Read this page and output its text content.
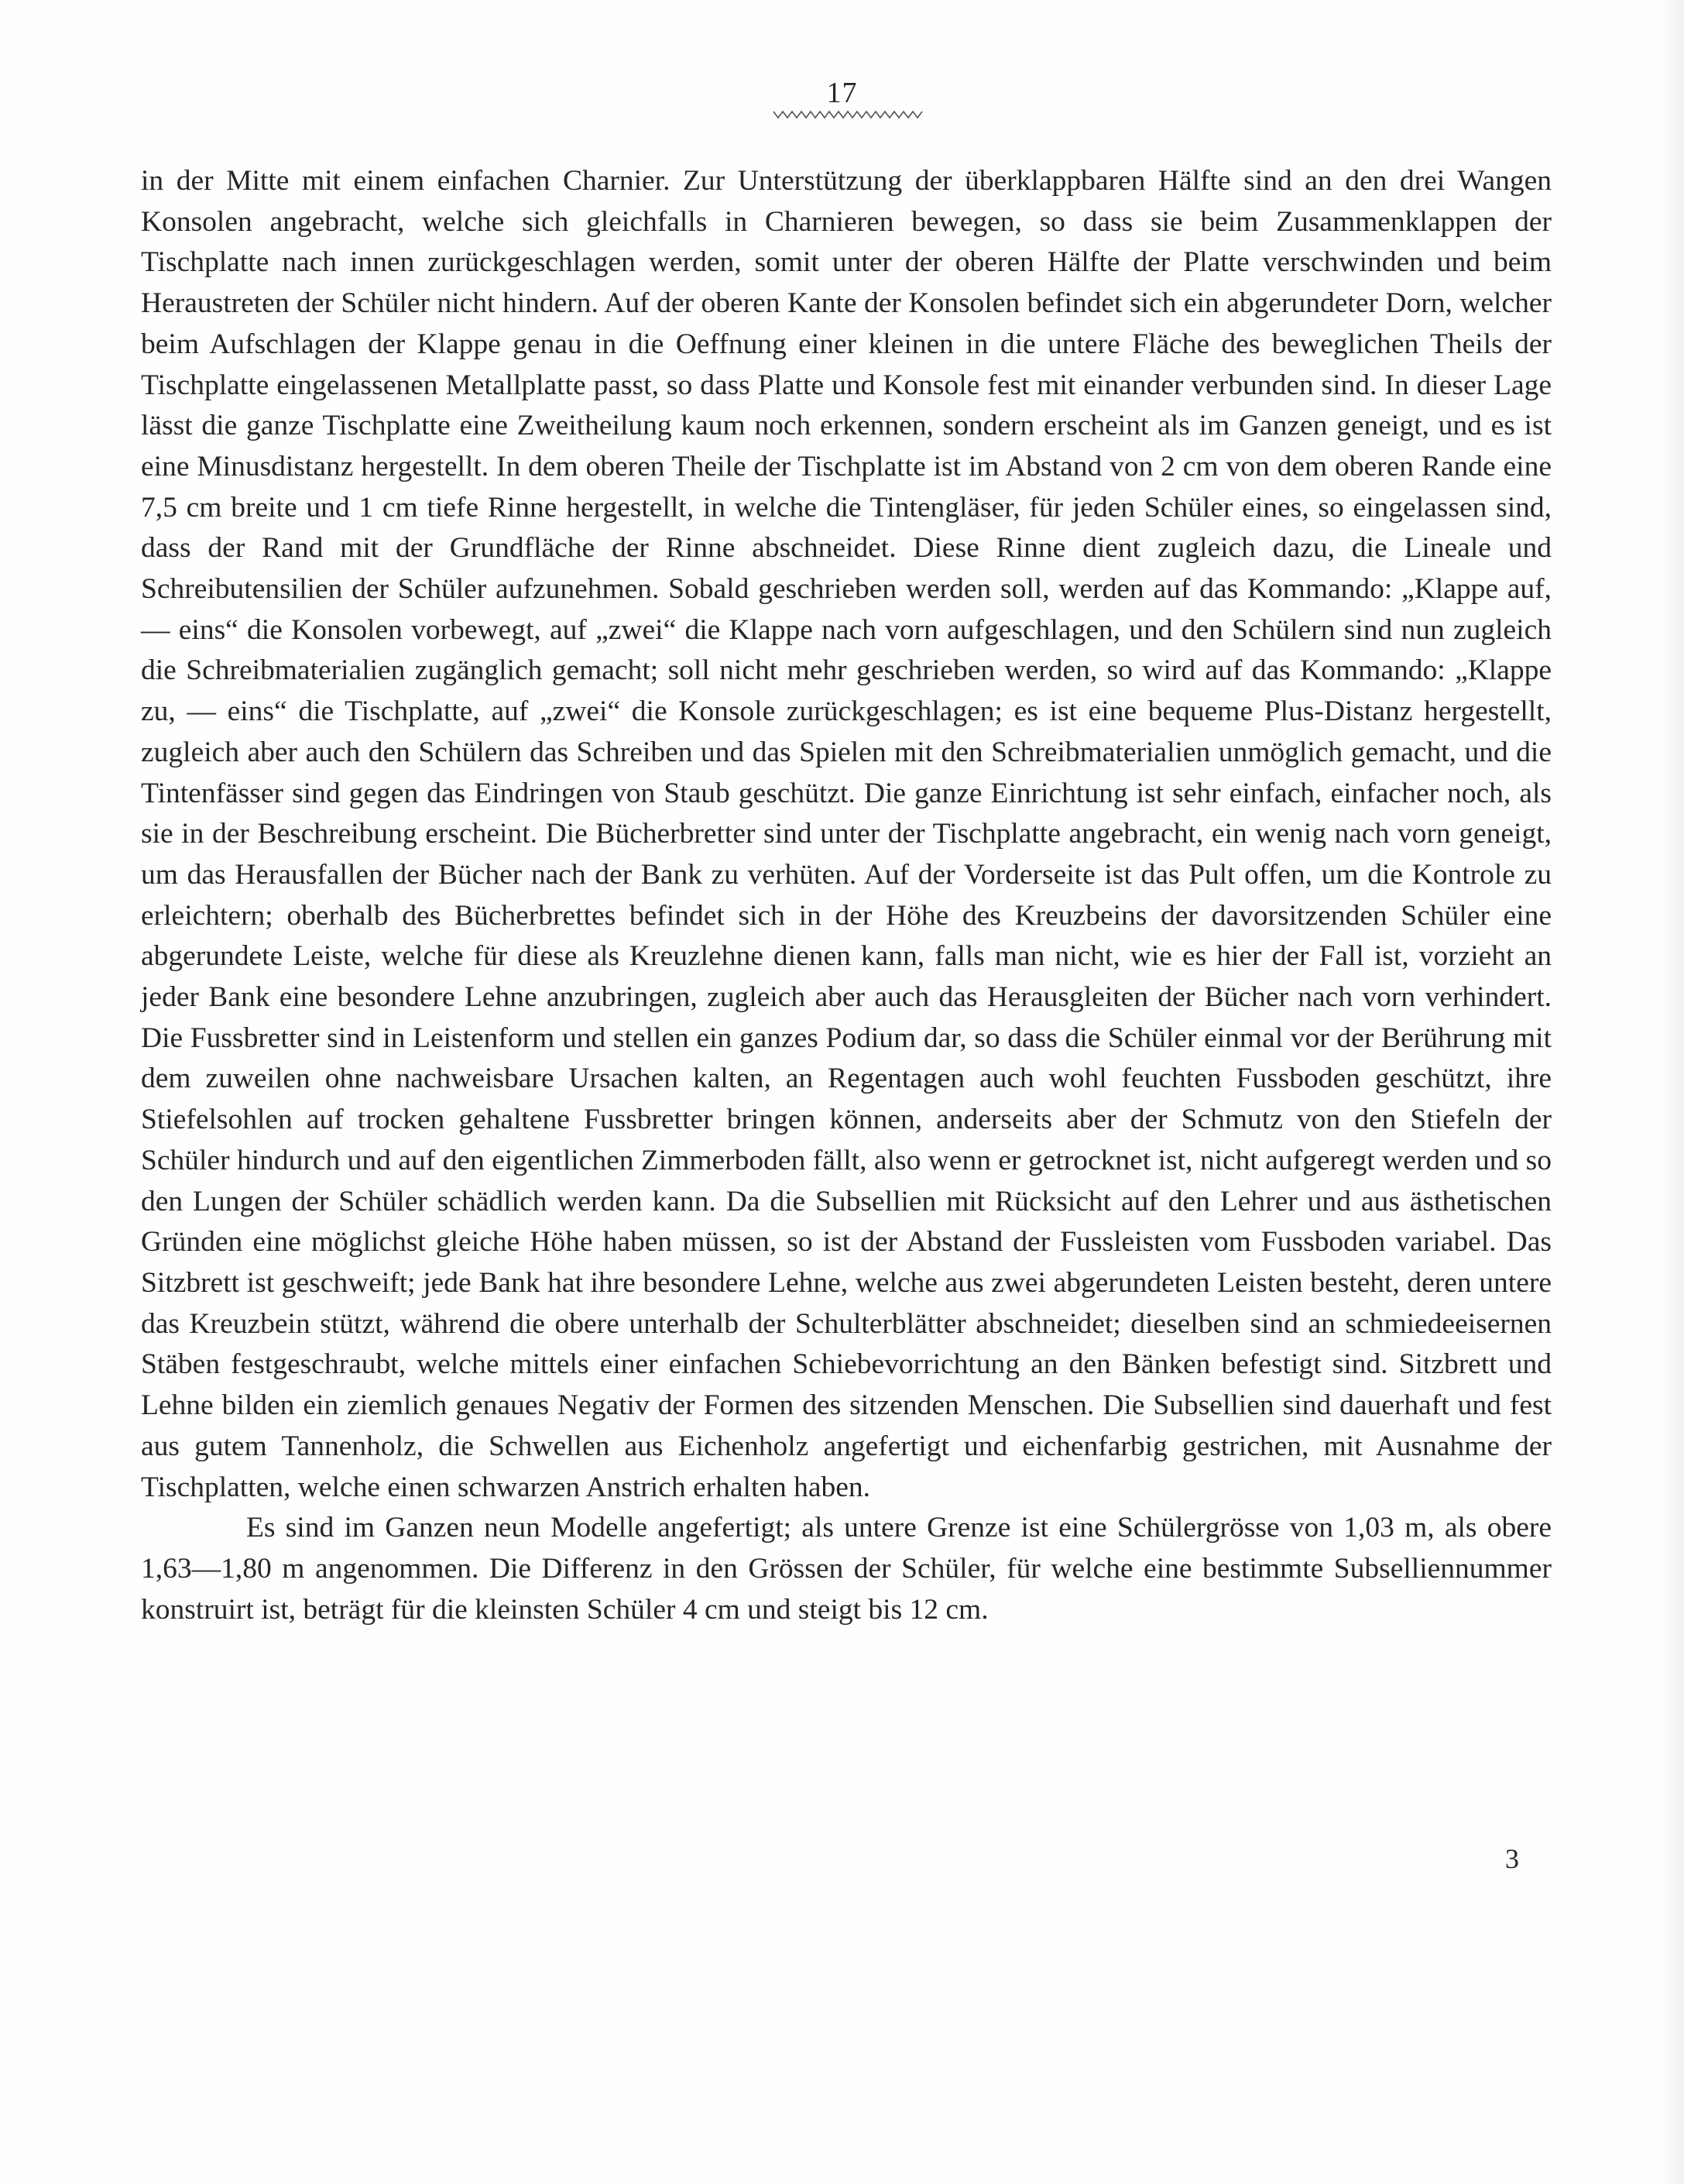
17

in der Mitte mit einem einfachen Charnier. Zur Unterstützung der überklappbaren Hälfte sind an den drei Wangen Konsolen angebracht, welche sich gleichfalls in Charnieren bewegen, so dass sie beim Zusammenklappen der Tischplatte nach innen zurückgeschlagen werden, somit unter der oberen Hälfte der Platte verschwinden und beim Heraustreten der Schüler nicht hindern. Auf der oberen Kante der Konsolen befindet sich ein abgerundeter Dorn, welcher beim Aufschlagen der Klappe genau in die Oeffnung einer kleinen in die untere Fläche des beweglichen Theils der Tischplatte eingelassenen Metallplatte passt, so dass Platte und Konsole fest mit einander verbunden sind. In dieser Lage lässt die ganze Tischplatte eine Zweitheilung kaum noch erkennen, sondern erscheint als im Ganzen geneigt, und es ist eine Minusdistanz hergestellt. In dem oberen Theile der Tischplatte ist im Abstand von 2 cm von dem oberen Rande eine 7,5 cm breite und 1 cm tiefe Rinne hergestellt, in welche die Tintengläser, für jeden Schüler eines, so eingelassen sind, dass der Rand mit der Grundfläche der Rinne abschneidet. Diese Rinne dient zugleich dazu, die Lineale und Schreibutensilien der Schüler aufzunehmen. Sobald geschrieben werden soll, werden auf das Kommando: „Klappe auf, — eins“ die Konsolen vorbewegt, auf „zwei“ die Klappe nach vorn aufgeschlagen, und den Schülern sind nun zugleich die Schreibmaterialien zugänglich gemacht; soll nicht mehr geschrieben werden, so wird auf das Kommando: „Klappe zu, — eins“ die Tischplatte, auf „zwei“ die Konsole zurückgeschlagen; es ist eine bequeme Plus-Distanz hergestellt, zugleich aber auch den Schülern das Schreiben und das Spielen mit den Schreibmaterialien unmöglich gemacht, und die Tintenfässer sind gegen das Eindringen von Staub geschützt. Die ganze Einrichtung ist sehr einfach, einfacher noch, als sie in der Beschreibung erscheint. Die Bücherbretter sind unter der Tischplatte angebracht, ein wenig nach vorn geneigt, um das Herausfallen der Bücher nach der Bank zu verhüten. Auf der Vorderseite ist das Pult offen, um die Kontrole zu erleichtern; oberhalb des Bücherbrettes befindet sich in der Höhe des Kreuzbeins der davorsitzenden Schüler eine abgerundete Leiste, welche für diese als Kreuzlehne dienen kann, falls man nicht, wie es hier der Fall ist, vorzieht an jeder Bank eine besondere Lehne anzubringen, zugleich aber auch das Herausgleiten der Bücher nach vorn verhindert. Die Fussbretter sind in Leistenform und stellen ein ganzes Podium dar, so dass die Schüler einmal vor der Berührung mit dem zuweilen ohne nachweisbare Ursachen kalten, an Regentagen auch wohl feuchten Fussboden geschützt, ihre Stiefelsohlen auf trocken gehaltene Fussbretter bringen können, anderseits aber der Schmutz von den Stiefeln der Schüler hindurch und auf den eigentlichen Zimmerboden fällt, also wenn er getrocknet ist, nicht aufgeregt werden und so den Lungen der Schüler schädlich werden kann. Da die Subsellien mit Rücksicht auf den Lehrer und aus ästhetischen Gründen eine möglichst gleiche Höhe haben müssen, so ist der Abstand der Fussleisten vom Fussboden variabel. Das Sitzbrett ist geschweift; jede Bank hat ihre besondere Lehne, welche aus zwei abgerundeten Leisten besteht, deren untere das Kreuzbein stützt, während die obere unterhalb der Schulterblätter abschneidet; dieselben sind an schmiedeeisernen Stäben festgeschraubt, welche mittels einer einfachen Schiebevorrichtung an den Bänken befestigt sind. Sitzbrett und Lehne bilden ein ziemlich genaues Negativ der Formen des sitzenden Menschen. Die Subsellien sind dauerhaft und fest aus gutem Tannenholz, die Schwellen aus Eichenholz angefertigt und eichenfarbig gestrichen, mit Ausnahme der Tischplatten, welche einen schwarzen Anstrich erhalten haben.

Es sind im Ganzen neun Modelle angefertigt; als untere Grenze ist eine Schülergrösse von 1,03 m, als obere 1,63—1,80 m angenommen. Die Differenz in den Grössen der Schüler, für welche eine bestimmte Subselliennummer konstruirt ist, beträgt für die kleinsten Schüler 4 cm und steigt bis 12 cm.

3
